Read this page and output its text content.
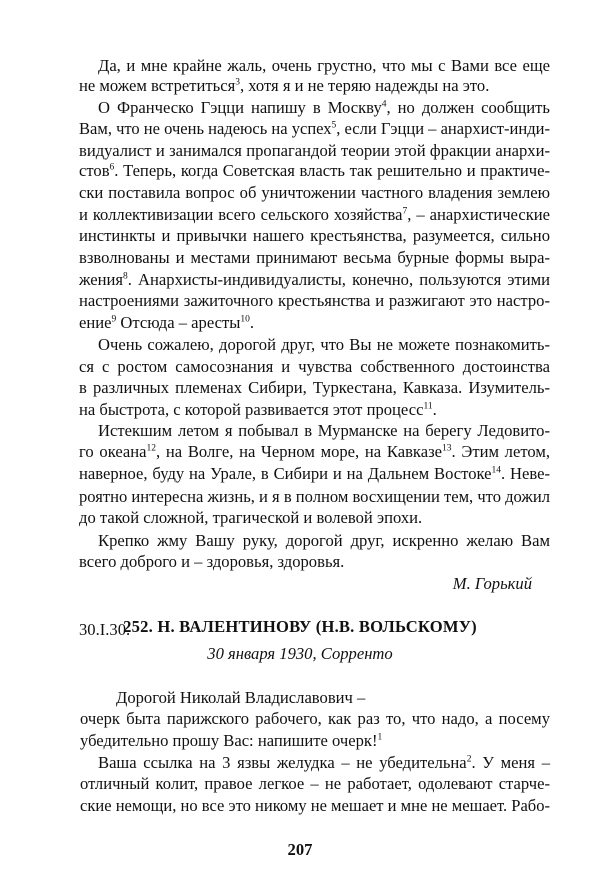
Да, и мне крайне жаль, очень грустно, что мы с Вами все еще
не можем встретиться$^3$, хотя я и не теряю надежды на это.
О Франческо Гэцци напишу в Москву$^4$, но должен сообщить
Вам, что не очень надеюсь на успех$^5$, если Гэцци – анархист-инди-
видуалист и занимался пропагандой теории этой фракции анархи-
стов$^6$. Теперь, когда Советская власть так решительно и практиче-
ски поставила вопрос об уничтожении частного владения землею
и коллективизации всего сельского хозяйства$^7$, – анархистические
инстинкты и привычки нашего крестьянства, разумеется, сильно
взволнованы и местами принимают весьма бурные формы выра-
жения$^8$. Анархисты-индивидуалисты, конечно, пользуются этими
настроениями зажиточного крестьянства и разжигают это настро-
ение$^9$ Отсюда – аресты$^{10}$.
Очень сожалею, дорогой друг, что Вы не можете познакомить-
ся с ростом самосознания и чувства собственного достоинства
в различных племенах Сибири, Туркестана, Кавказа. Изумитель-
на быстрота, с которой развивается этот процесс$^{11}$.
Истекшим летом я побывал в Мурманске на берегу Ледовито-
го океана$^{12}$, на Волге, на Черном море, на Кавказе$^{13}$. Этим летом,
наверное, буду на Урале, в Сибири и на Дальнем Востоке$^{14}$. Неве-
роятно интересна жизнь, и я в полном восхищении тем, что дожил
до такой сложной, трагической и волевой эпохи.
Крепко жму Вашу руку, дорогой друг, искренно желаю Вам
всего доброго и – здоровья, здоровья.
М. Горький
30.I.30.
252. Н. ВАЛЕНТИНОВУ (Н.В. ВОЛЬСКОМУ)
30 января 1930, Сорренто
Дорогой Николай Владиславович –
очерк быта парижского рабочего, как раз то, что надо, а посему
убедительно прошу Вас: напишите очерк!$^1$
Ваша ссылка на 3 язвы желудка – не убедительна$^2$. У меня –
отличный колит, правое легкое – не работает, одолевают старче-
ские немощи, но все это никому не мешает и мне не мешает. Рабо-
207
